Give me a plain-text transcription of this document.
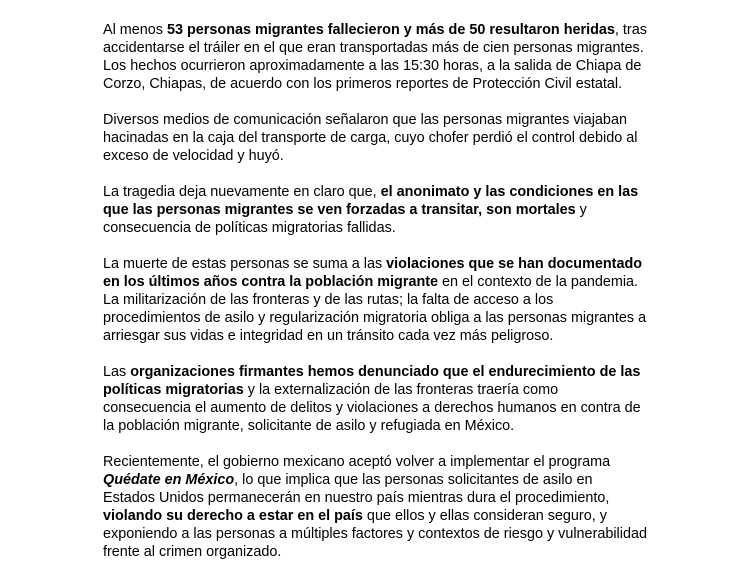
Al menos 53 personas migrantes fallecieron y más de 50 resultaron heridas, tras accidentarse el tráiler en el que eran transportadas más de cien personas migrantes. Los hechos ocurrieron aproximadamente a las 15:30 horas, a la salida de Chiapa de Corzo, Chiapas, de acuerdo con los primeros reportes de Protección Civil estatal.

Diversos medios de comunicación señalaron que las personas migrantes viajaban hacinadas en la caja del transporte de carga, cuyo chofer perdió el control debido al exceso de velocidad y huyó.

La tragedia deja nuevamente en claro que, el anonimato y las condiciones en las que las personas migrantes se ven forzadas a transitar, son mortales y consecuencia de políticas migratorias fallidas.

La muerte de estas personas se suma a las violaciones que se han documentado en los últimos años contra la población migrante en el contexto de la pandemia. La militarización de las fronteras y de las rutas; la falta de acceso a los procedimientos de asilo y regularización migratoria obliga a las personas migrantes a arriesgar sus vidas e integridad en un tránsito cada vez más peligroso.

Las organizaciones firmantes hemos denunciado que el endurecimiento de las políticas migratorias y la externalización de las fronteras traería como consecuencia el aumento de delitos y violaciones a derechos humanos en contra de la población migrante, solicitante de asilo y refugiada en México.

Recientemente, el gobierno mexicano aceptó volver a implementar el programa Quédate en México, lo que implica que las personas solicitantes de asilo en Estados Unidos permanecerán en nuestro país mientras dura el procedimiento, violando su derecho a estar en el país que ellos y ellas consideran seguro, y exponiendo a las personas a múltiples factores y contextos de riesgo y vulnerabilidad frente al crimen organizado.
